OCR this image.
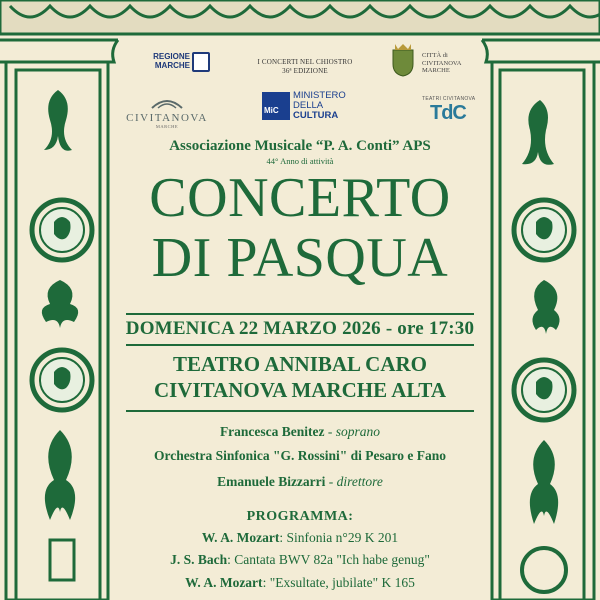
REGIONE MARCHE	I CONCERTI NEL CHIOSTRO
36ª EDIZIONE
CITTÀ di
CIVITANOVA
MARCHE
CIVITANOVA
MARCHE
MiC
MINISTERO
DELLA
CULTURA
TEATRI CIVITANOVA
TdC
Associazione Musicale “P. A. Conti” APS
44° Anno di attività
CONCERTO
DI PASQUA
DOMENICA 22 MARZO 2026 - ore 17:30
TEATRO ANNIBAL CARO
CIVITANOVA MARCHE ALTA
Francesca Benitez - soprano
Orchestra Sinfonica "G. Rossini" di Pesaro e Fano
Emanuele Bizzarri - direttore
PROGRAMMA:
W. A. Mozart: Sinfonia n°29 K 201
J. S. Bach: Cantata BWV 82a "Ich habe genug"
W. A. Mozart: "Exsultate, jubilate" K 165
